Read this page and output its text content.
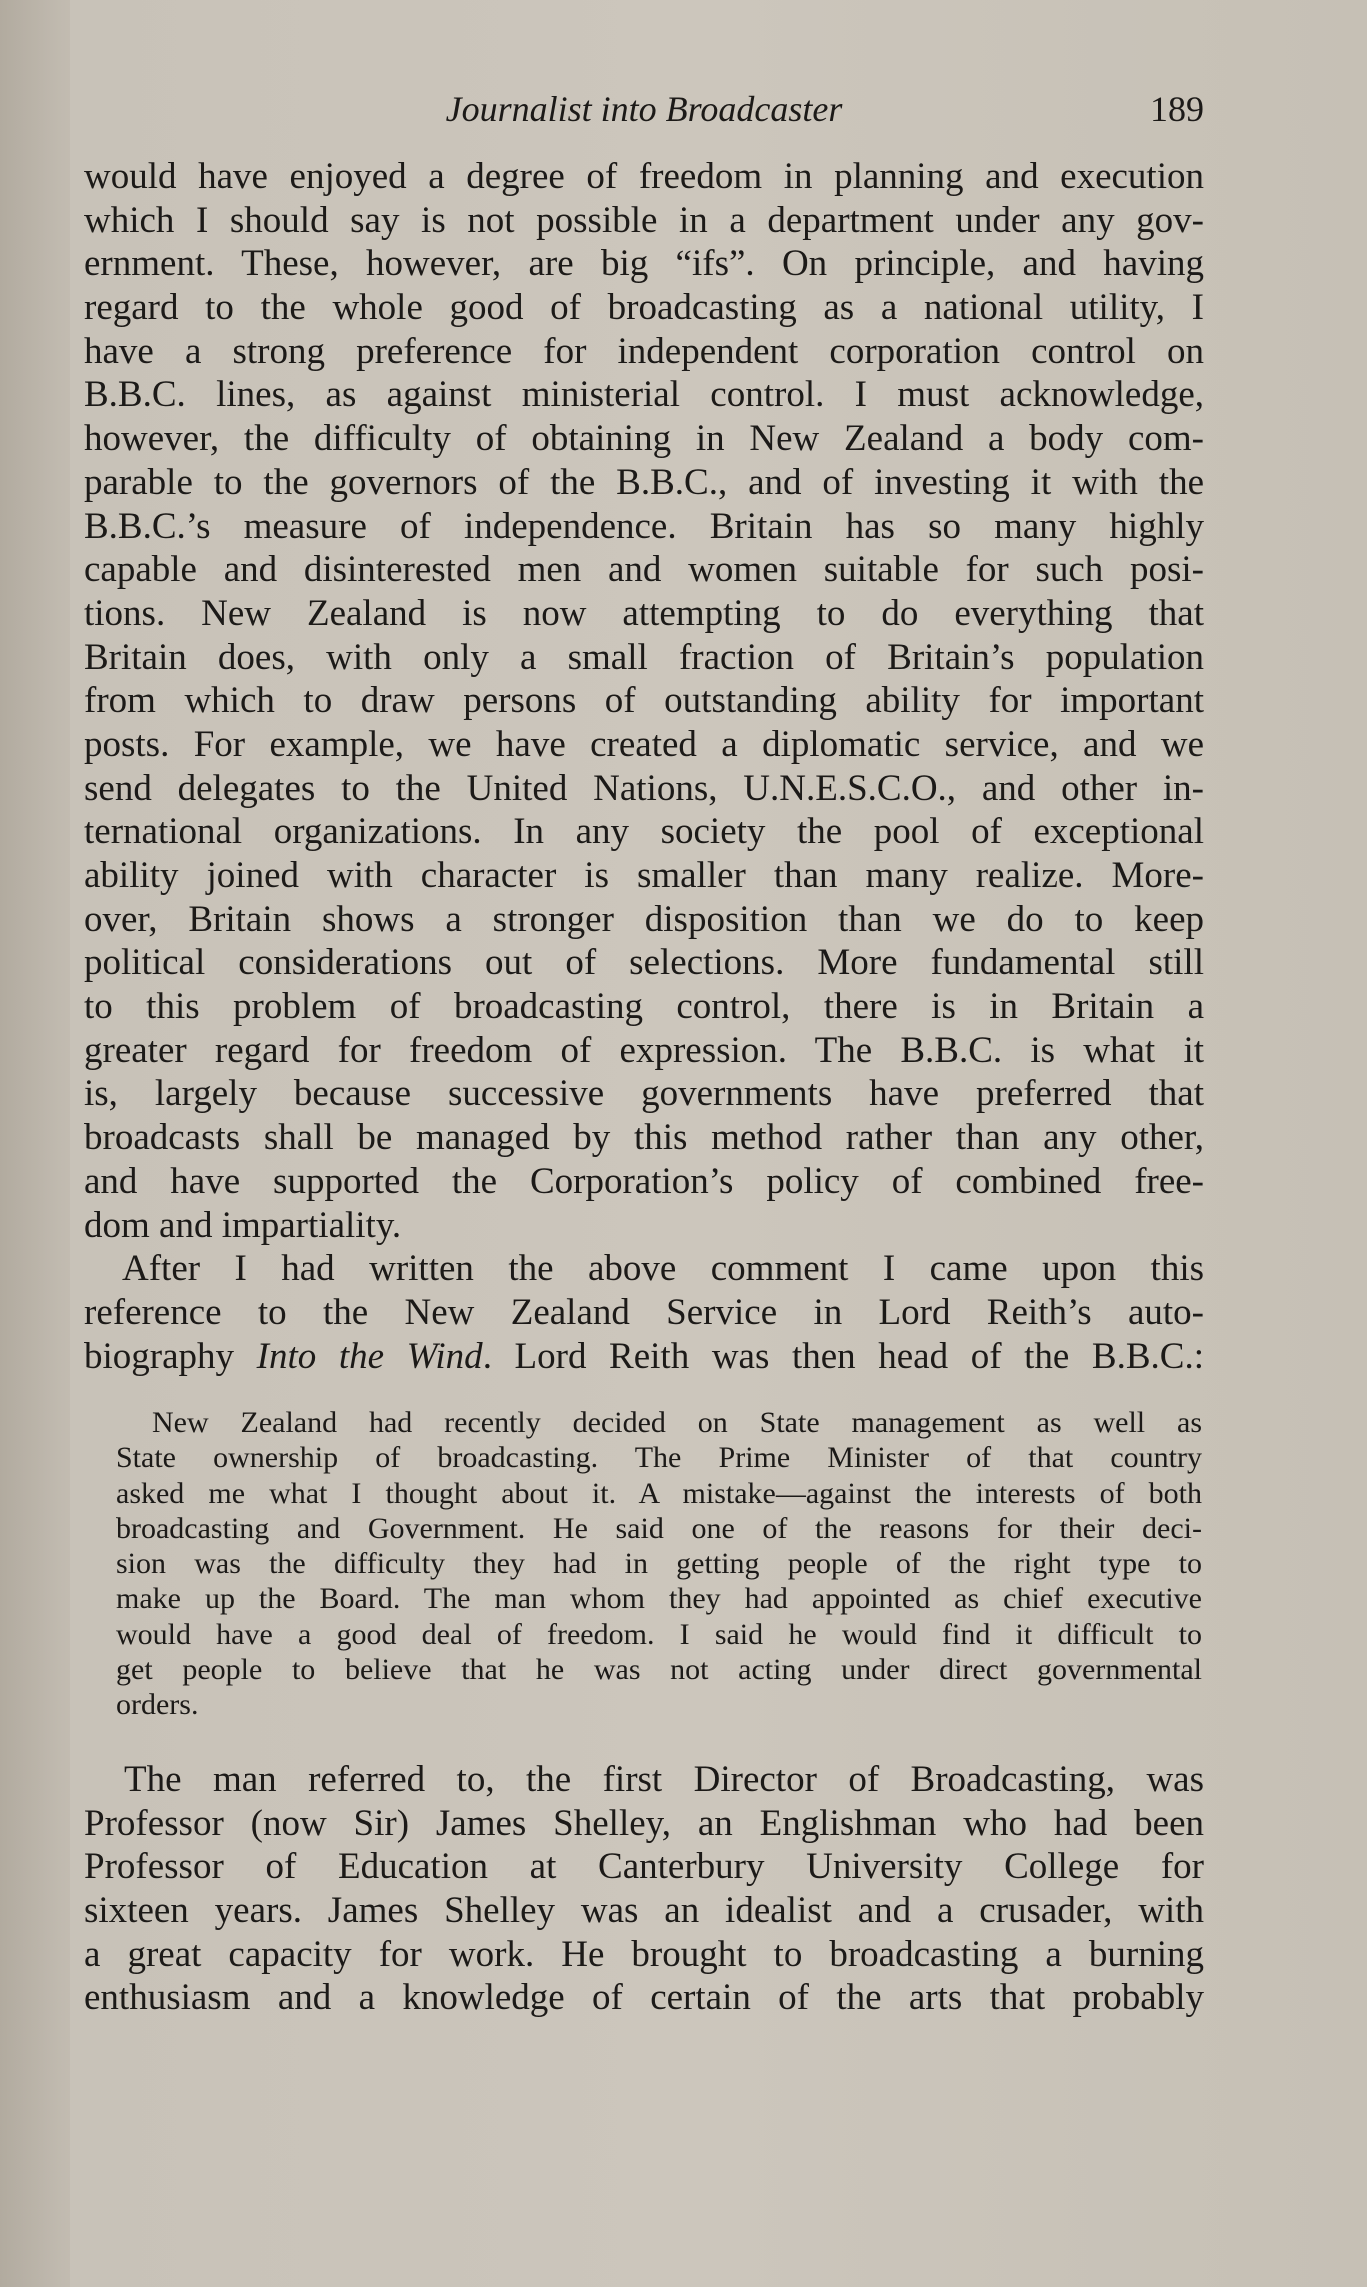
Journalist into Broadcaster	189
would have enjoyed a degree of freedom in planning and execution
which I should say is not possible in a department under any gov-
ernment. These, however, are big “ifs”. On principle, and having
regard to the whole good of broadcasting as a national utility, I
have a strong preference for independent corporation control on
B.B.C. lines, as against ministerial control. I must acknowledge,
however, the difficulty of obtaining in New Zealand a body com-
parable to the governors of the B.B.C., and of investing it with the
B.B.C.’s measure of independence. Britain has so many highly
capable and disinterested men and women suitable for such posi-
tions. New Zealand is now attempting to do everything that
Britain does, with only a small fraction of Britain’s population
from which to draw persons of outstanding ability for important
posts. For example, we have created a diplomatic service, and we
send delegates to the United Nations, U.N.E.S.C.O., and other in-
ternational organizations. In any society the pool of exceptional
ability joined with character is smaller than many realize. More-
over, Britain shows a stronger disposition than we do to keep
political considerations out of selections. More fundamental still
to this problem of broadcasting control, there is in Britain a
greater regard for freedom of expression. The B.B.C. is what it
is, largely because successive governments have preferred that
broadcasts shall be managed by this method rather than any other,
and have supported the Corporation’s policy of combined free-
dom and impartiality.
After I had written the above comment I came upon this
reference to the New Zealand Service in Lord Reith’s auto-
biography Into the Wind. Lord Reith was then head of the B.B.C.:
New Zealand had recently decided on State management as well as
State ownership of broadcasting. The Prime Minister of that country
asked me what I thought about it. A mistake—against the interests of both
broadcasting and Government. He said one of the reasons for their deci-
sion was the difficulty they had in getting people of the right type to
make up the Board. The man whom they had appointed as chief executive
would have a good deal of freedom. I said he would find it difficult to
get people to believe that he was not acting under direct governmental
orders.
The man referred to, the first Director of Broadcasting, was
Professor (now Sir) James Shelley, an Englishman who had been
Professor of Education at Canterbury University College for
sixteen years. James Shelley was an idealist and a crusader, with
a great capacity for work. He brought to broadcasting a burning
enthusiasm and a knowledge of certain of the arts that probably
